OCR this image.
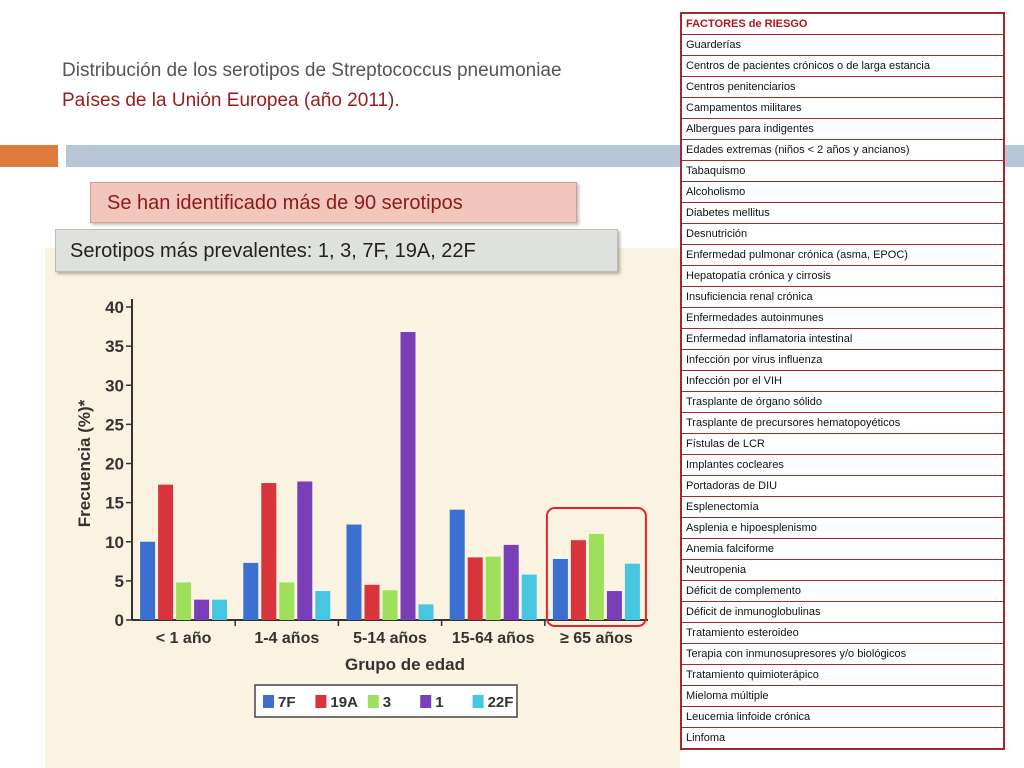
Distribución de los serotipos de Streptococcus pneumoniae
Países de la Unión Europea (año 2011).
Se han identificado más de 90 serotipos
Serotipos más prevalentes: 1, 3, 7F, 19A, 22F
0
5
10
15
20
25
30
35
40
Frecuencia (%)*
< 1 año	1-4 años 5-14 años 15-64 años ≥ 65 años
Grupo de edad
7F 19A 3	1	22F
FACTORES de RIESGO
Guarderías
Centros de pacientes crónicos o de larga estancia
Centros penitenciarios
Campamentos militares
Albergues para indigentes
Edades extremas (niños < 2 años y ancianos)
Tabaquismo
Alcoholismo
Diabetes mellitus
Desnutrición
Enfermedad pulmonar crónica (asma, EPOC)
Hepatopatía crónica y cirrosis
Insuficiencia renal crónica
Enfermedades autoinmunes
Enfermedad inflamatoria intestinal
Infección por virus influenza
Infección por el VIH
Trasplante de órgano sólido
Trasplante de precursores hematopoyéticos
Fístulas de LCR
Implantes cocleares
Portadoras de DIU
Esplenectomía
Asplenia e hipoesplenismo
Anemia falciforme
Neutropenia
Déficit de complemento
Déficit de inmunoglobulinas
Tratamiento esteroideo
Terapia con inmunosupresores y/o biológicos
Tratamiento quimioterápico
Mieloma múltiple
Leucemia linfoide crónica
Linfoma
